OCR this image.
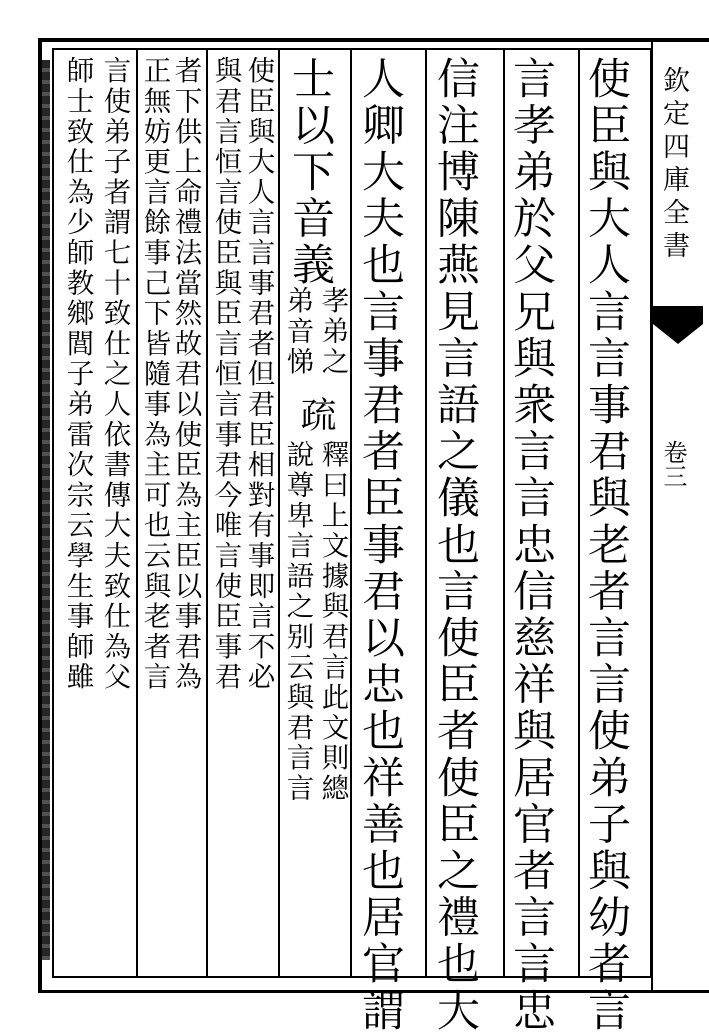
欽定四庫全書
卷三
使臣與大人言言事君與老者言言使弟子與幼者言
言孝弟於父兄與衆言言忠信慈祥與居官者言言忠
信注博陳燕見言語之儀也言使臣者使臣之禮也大
人卿大夫也言事君者臣事君以忠也祥善也居官謂
士以下音義
孝弟之
疏
釋曰上文據與君言此文則總
弟音悌
說尊卑言語之别云與君言言
使臣與大人言言事君者但君臣相對有事即言不必
與君言恒言使臣與臣言恒言事君今唯言使臣事君
者下供上命禮法當然故君以使臣為主臣以事君為
正無妨更言餘事己下皆隨事為主可也云與老者言
言使弟子者謂七十致仕之人依書傳大夫致仕為父
師士致仕為少師教鄉閭子弟雷次宗云學生事師雖
